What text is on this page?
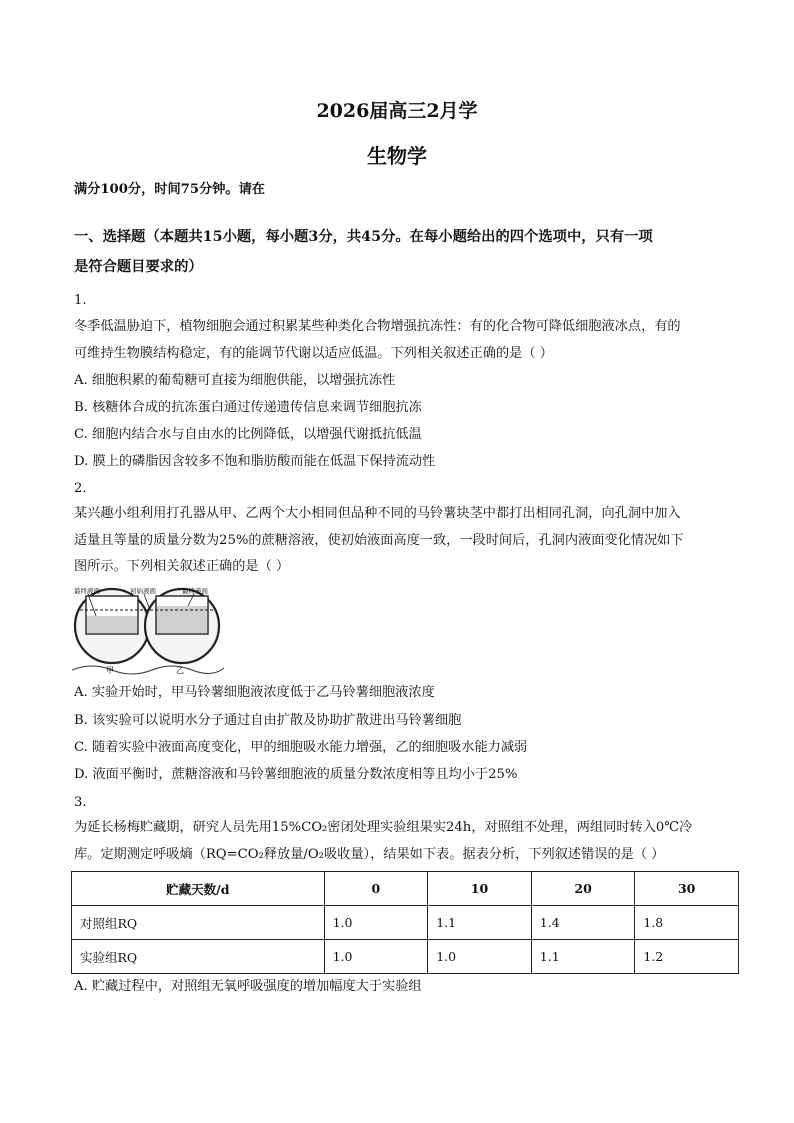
2026届高三2月学
生物学
满分100分，时间75分钟。请在
一、选择题（本题共15小题，每小题3分，共45分。在每小题给出的四个选项中，只有一项
是符合题目要求的）
1.
冬季低温胁迫下，植物细胞会通过积累某些种类化合物增强抗冻性：有的化合物可降低细胞液冰点，有的
可维持生物膜结构稳定，有的能调节代谢以适应低温。下列相关叙述正确的是（ ）
A. 细胞积累的葡萄糖可直接为细胞供能，以增强抗冻性
B. 核糖体合成的抗冻蛋白通过传递遗传信息来调节细胞抗冻
C. 细胞内结合水与自由水的比例降低，以增强代谢抵抗低温
D. 膜上的磷脂因含较多不饱和脂肪酸而能在低温下保持流动性
2.
某兴趣小组利用打孔器从甲、乙两个大小相同但品种不同的马铃薯块茎中都打出相同孔洞，向孔洞中加入
适量且等量的质量分数为25%的蔗糖溶液，使初始液面高度一致，一段时间后，孔洞内液面变化情况如下
图所示。下列相关叙述正确的是（ ）
最终液面	初始液面	最终液面
甲	乙
A. 实验开始时，甲马铃薯细胞液浓度低于乙马铃薯细胞液浓度
B. 该实验可以说明水分子通过自由扩散及协助扩散进出马铃薯细胞
C. 随着实验中液面高度变化，甲的细胞吸水能力增强，乙的细胞吸水能力减弱
D. 液面平衡时，蔗糖溶液和马铃薯细胞液的质量分数浓度相等且均小于25%
3.
为延长杨梅贮藏期，研究人员先用15%CO₂密闭处理实验组果实24h，对照组不处理，两组同时转入0℃冷
库。定期测定呼吸熵（RQ=CO₂释放量/O₂吸收量），结果如下表。据表分析，下列叙述错误的是（ ）
贮藏天数/d	0	10	20	30
对照组RQ	1.0	1.1	1.4	1.8
实验组RQ	1.0	1.0	1.1	1.2
A. 贮藏过程中，对照组无氧呼吸强度的增加幅度大于实验组
